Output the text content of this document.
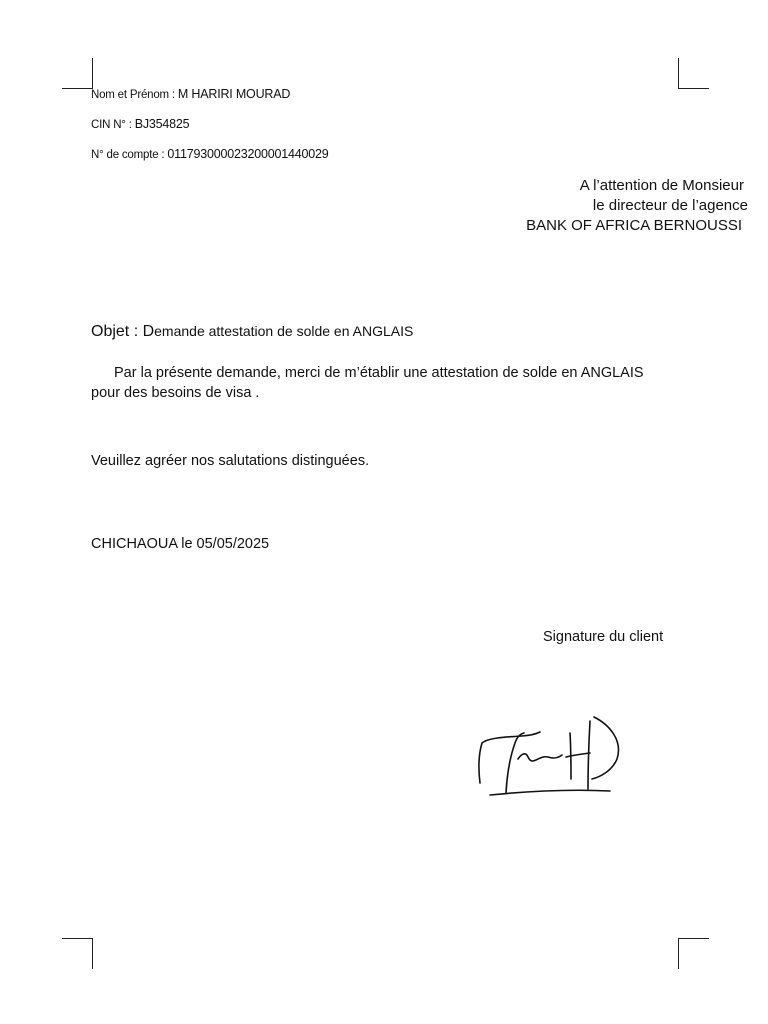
Nom et Prénom : M HARIRI MOURAD
CIN N° : BJ354825
N° de compte : 011793000023200001440029
A l’attention de Monsieur
le directeur de l’agence
BANK OF AFRICA BERNOUSSI
Objet : Demande attestation de solde en ANGLAIS
Par la présente demande, merci de m’établir une attestation de solde en ANGLAIS
pour des besoins de visa .
Veuillez agréer nos salutations distinguées.
CHICHAOUA le 05/05/2025
Signature du client
